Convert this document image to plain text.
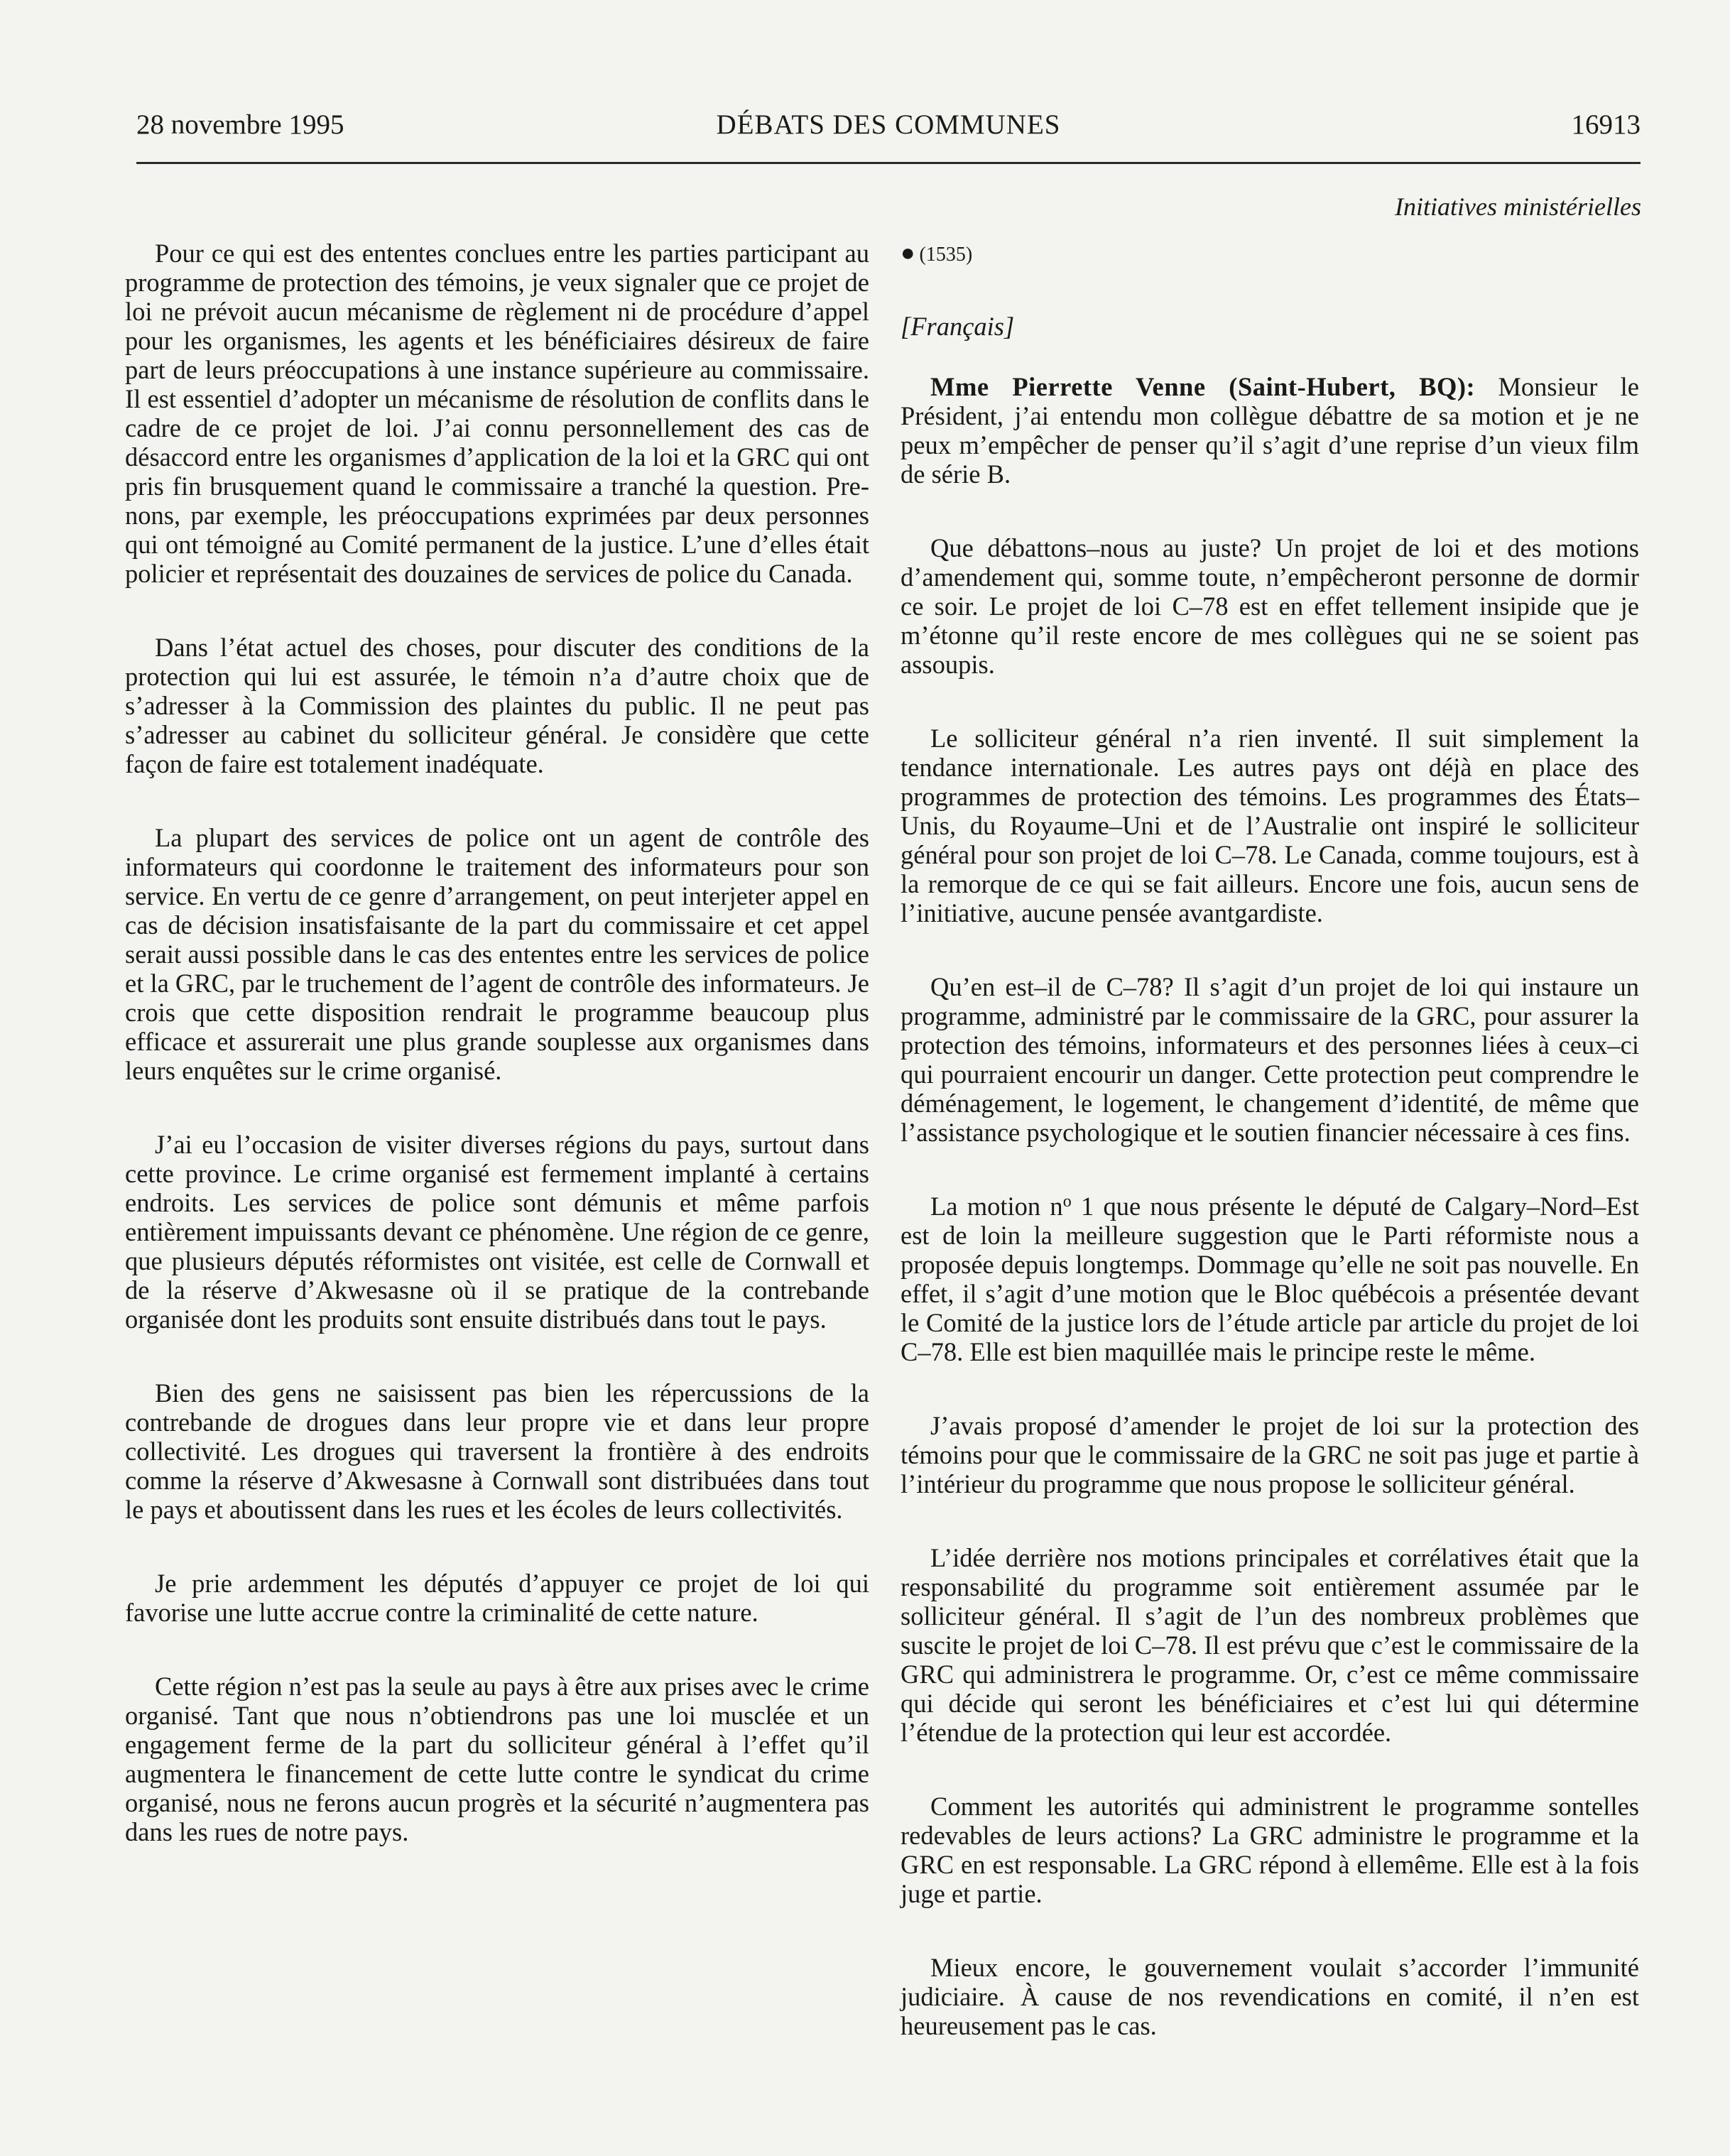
28 novembre 1995	DÉBATS DES COMMUNES	16913
Initiatives ministérielles

Pour ce qui est des ententes conclues entre les parties participant au programme de protection des témoins, je veux signaler que ce projet de loi ne prévoit aucun mécanisme de règlement ni de procédure d’appel pour les organismes, les agents et les bénéficiaires désireux de faire part de leurs préoccupations à une instance supérieure au commissaire. Il est essentiel d’adopter un mécanisme de résolution de conflits dans le cadre de ce projet de loi. J’ai connu personnellement des cas de désaccord entre les organismes d’application de la loi et la GRC qui ont pris fin brusquement quand le commissaire a tranché la question. Prenons, par exemple, les préoccupations exprimées par deux personnes qui ont témoigné au Comité permanent de la justice. L’une d’elles était policier et représentait des douzaines de services de police du Canada.

Dans l’état actuel des choses, pour discuter des conditions de la protection qui lui est assurée, le témoin n’a d’autre choix que de s’adresser à la Commission des plaintes du public. Il ne peut pas s’adresser au cabinet du solliciteur général. Je considère que cette façon de faire est totalement inadéquate.

La plupart des services de police ont un agent de contrôle des informateurs qui coordonne le traitement des informateurs pour son service. En vertu de ce genre d’arrangement, on peut interjeter appel en cas de décision insatisfaisante de la part du commissaire et cet appel serait aussi possible dans le cas des ententes entre les services de police et la GRC, par le truchement de l’agent de contrôle des informateurs. Je crois que cette disposition rendrait le programme beaucoup plus efficace et assurerait une plus grande souplesse aux organismes dans leurs enquêtes sur le crime organisé.

J’ai eu l’occasion de visiter diverses régions du pays, surtout dans cette province. Le crime organisé est fermement implanté à certains endroits. Les services de police sont démunis et même parfois entièrement impuissants devant ce phénomène. Une région de ce genre, que plusieurs députés réformistes ont visitée, est celle de Cornwall et de la réserve d’Akwesasne où il se pratique de la contrebande organisée dont les produits sont ensuite distribués dans tout le pays.

Bien des gens ne saisissent pas bien les répercussions de la contrebande de drogues dans leur propre vie et dans leur propre collectivité. Les drogues qui traversent la frontière à des endroits comme la réserve d’Akwesasne à Cornwall sont distribuées dans tout le pays et aboutissent dans les rues et les écoles de leurs collectivités.

Je prie ardemment les députés d’appuyer ce projet de loi qui favorise une lutte accrue contre la criminalité de cette nature.

Cette région n’est pas la seule au pays à être aux prises avec le crime organisé. Tant que nous n’obtiendrons pas une loi musclée et un engagement ferme de la part du solliciteur général à l’effet qu’il augmentera le financement de cette lutte contre le syndicat du crime organisé, nous ne ferons aucun progrès et la sécurité n’augmentera pas dans les rues de notre pays.

● (1535)

[Français]

Mme Pierrette Venne (Saint-Hubert, BQ): Monsieur le Président, j’ai entendu mon collègue débattre de sa motion et je ne peux m’empêcher de penser qu’il s’agit d’une reprise d’un vieux film de série B.

Que débattons–nous au juste? Un projet de loi et des motions d’amendement qui, somme toute, n’empêcheront personne de dormir ce soir. Le projet de loi C–78 est en effet tellement insipide que je m’étonne qu’il reste encore de mes collègues qui ne se soient pas assoupis.

Le solliciteur général n’a rien inventé. Il suit simplement la tendance internationale. Les autres pays ont déjà en place des programmes de protection des témoins. Les programmes des États–Unis, du Royaume–Uni et de l’Australie ont inspiré le solliciteur général pour son projet de loi C–78. Le Canada, comme toujours, est à la remorque de ce qui se fait ailleurs. Encore une fois, aucun sens de l’initiative, aucune pensée avantgardiste.

Qu’en est–il de C–78? Il s’agit d’un projet de loi qui instaure un programme, administré par le commissaire de la GRC, pour assurer la protection des témoins, informateurs et des personnes liées à ceux–ci qui pourraient encourir un danger. Cette protection peut comprendre le déménagement, le logement, le changement d’identité, de même que l’assistance psychologique et le soutien financier nécessaire à ces fins.

La motion $n^o$ 1 que nous présente le député de Calgary–Nord–Est est de loin la meilleure suggestion que le Parti réformiste nous a proposée depuis longtemps. Dommage qu’elle ne soit pas nouvelle. En effet, il s’agit d’une motion que le Bloc québécois a présentée devant le Comité de la justice lors de l’étude article par article du projet de loi C–78. Elle est bien maquillée mais le principe reste le même.

J’avais proposé d’amender le projet de loi sur la protection des témoins pour que le commissaire de la GRC ne soit pas juge et partie à l’intérieur du programme que nous propose le solliciteur général.

L’idée derrière nos motions principales et corrélatives était que la responsabilité du programme soit entièrement assumée par le solliciteur général. Il s’agit de l’un des nombreux problèmes que suscite le projet de loi C–78. Il est prévu que c’est le commissaire de la GRC qui administrera le programme. Or, c’est ce même commissaire qui décide qui seront les bénéficiaires et c’est lui qui détermine l’étendue de la protection qui leur est accordée.

Comment les autorités qui administrent le programme sontelles redevables de leurs actions? La GRC administre le programme et la GRC en est responsable. La GRC répond à ellemême. Elle est à la fois juge et partie.

Mieux encore, le gouvernement voulait s’accorder l’immunité judiciaire. À cause de nos revendications en comité, il n’en est heureusement pas le cas.
